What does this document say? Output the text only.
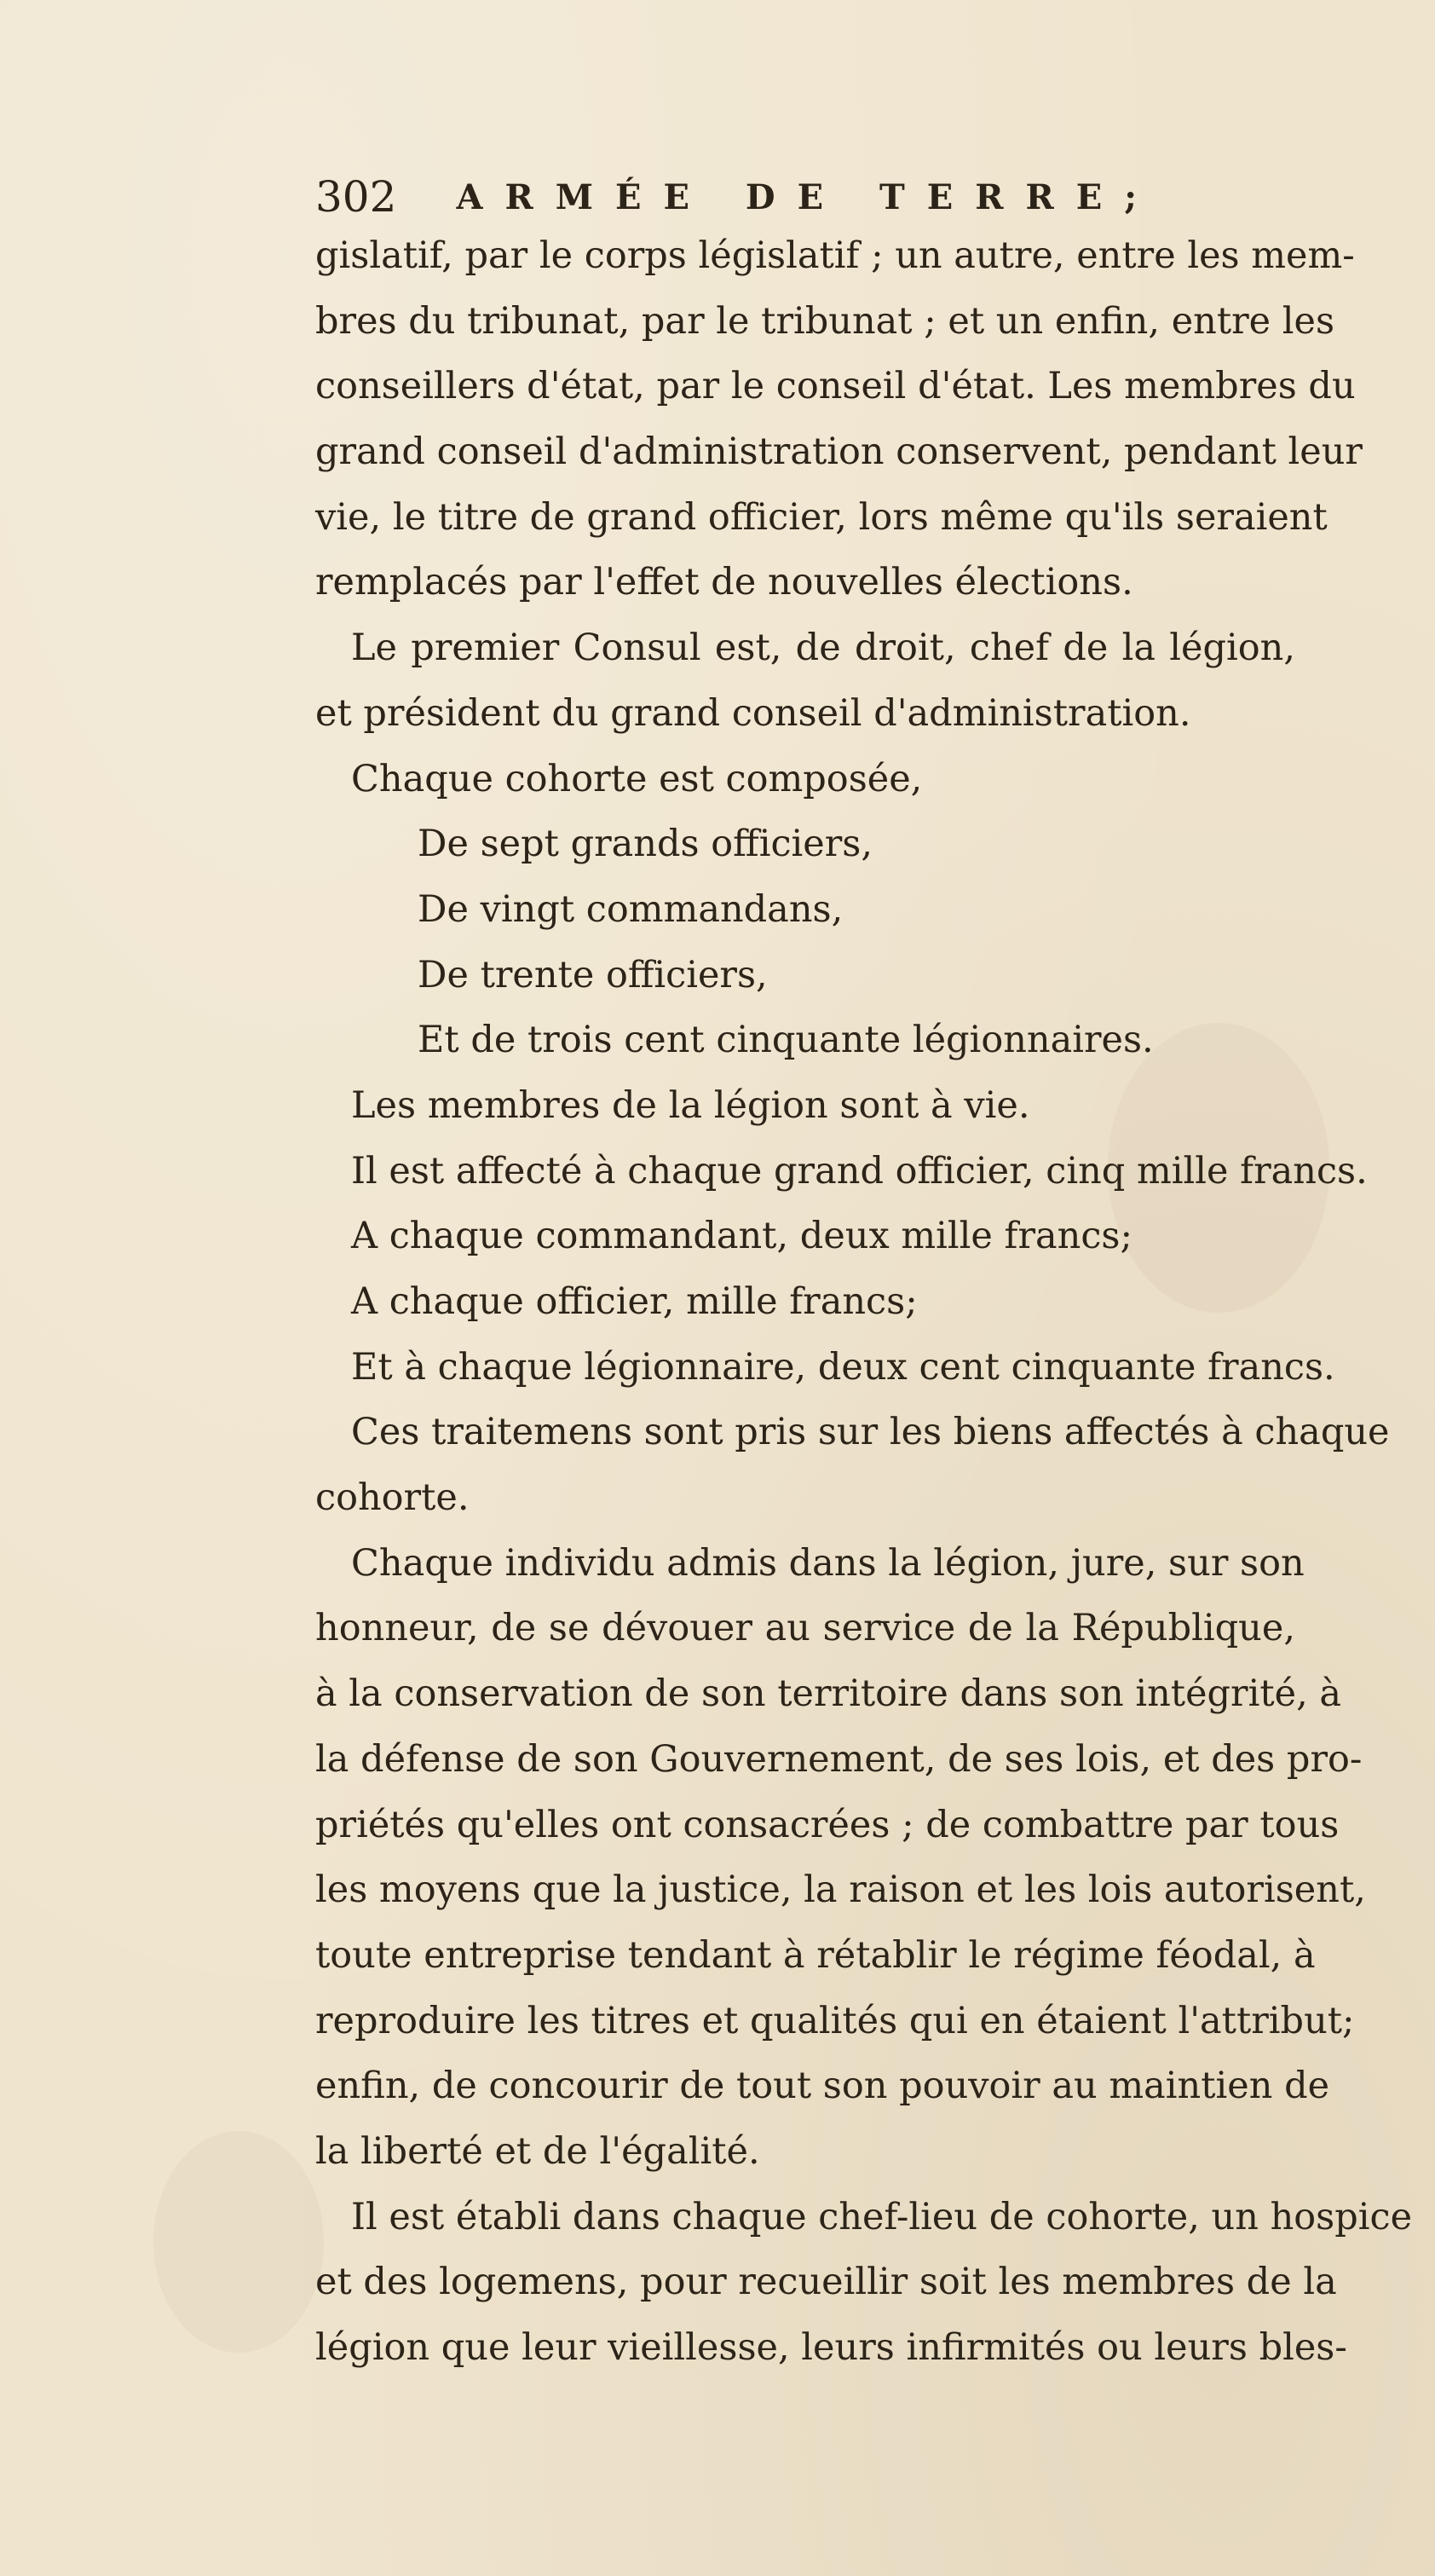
302 ARMÉE DE TERRE;
gislatif, par le corps législatif ; un autre, entre les mem-
bres du tribunat, par le tribunat ; et un enfin, entre les
conseillers d'état, par le conseil d'état. Les membres du
grand conseil d'administration conservent, pendant leur
vie, le titre de grand officier, lors même qu'ils seraient
remplacés par l'effet de nouvelles élections.
Le premier Consul est, de droit, chef de la légion,
et président du grand conseil d'administration.
Chaque cohorte est composée,
De sept grands officiers,
De vingt commandans,
De trente officiers,
Et de trois cent cinquante légionnaires.
Les membres de la légion sont à vie.
Il est affecté à chaque grand officier, cinq mille francs.
A chaque commandant, deux mille francs;
A chaque officier, mille francs;
Et à chaque légionnaire, deux cent cinquante francs.
Ces traitemens sont pris sur les biens affectés à chaque
cohorte.
Chaque individu admis dans la légion, jure, sur son
honneur, de se dévouer au service de la République,
à la conservation de son territoire dans son intégrité, à
la défense de son Gouvernement, de ses lois, et des pro-
priétés qu'elles ont consacrées ; de combattre par tous
les moyens que la justice, la raison et les lois autorisent,
toute entreprise tendant à rétablir le régime féodal, à
reproduire les titres et qualités qui en étaient l'attribut;
enfin, de concourir de tout son pouvoir au maintien de
la liberté et de l'égalité.
Il est établi dans chaque chef-lieu de cohorte, un hospice
et des logemens, pour recueillir soit les membres de la
légion que leur vieillesse, leurs infirmités ou leurs bles-
